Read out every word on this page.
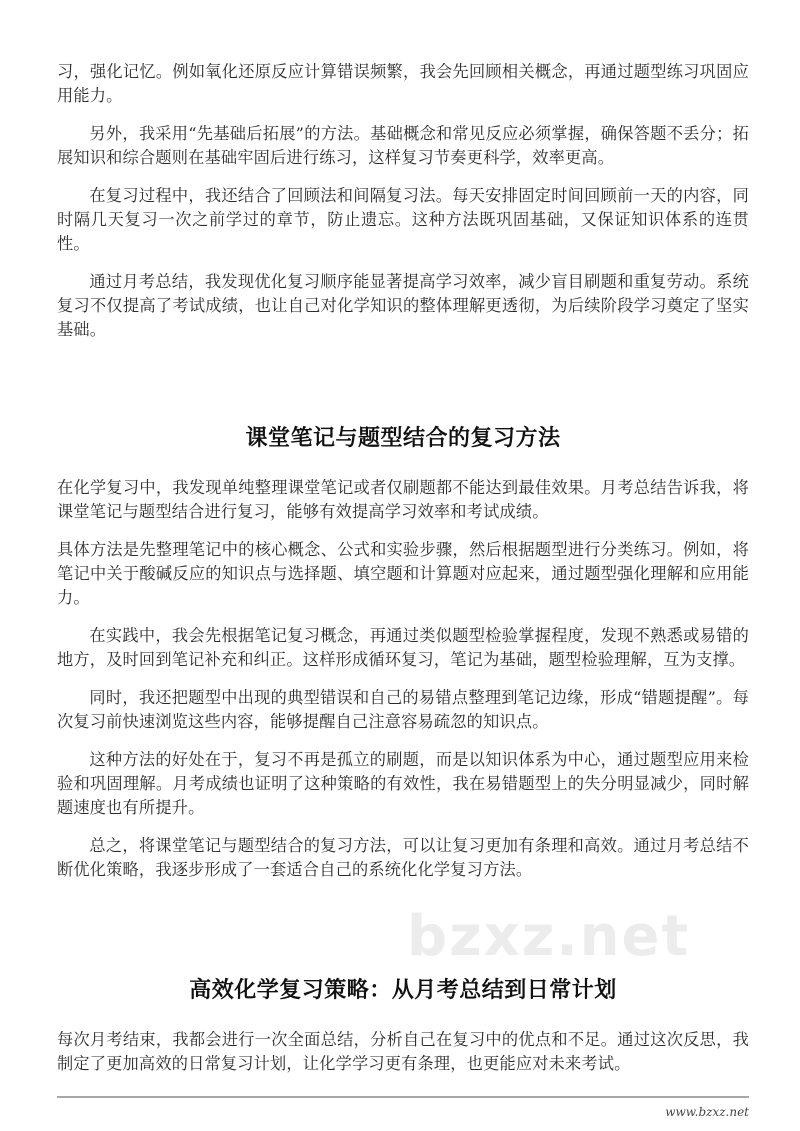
习，强化记忆。例如氧化还原反应计算错误频繁，我会先回顾相关概念，再通过题型练习巩固应用能力。

另外，我采用“先基础后拓展”的方法。基础概念和常见反应必须掌握，确保答题不丢分；拓展知识和综合题则在基础牢固后进行练习，这样复习节奏更科学，效率更高。

在复习过程中，我还结合了回顾法和间隔复习法。每天安排固定时间回顾前一天的内容，同时隔几天复习一次之前学过的章节，防止遗忘。这种方法既巩固基础，又保证知识体系的连贯性。

通过月考总结，我发现优化复习顺序能显著提高学习效率，减少盲目刷题和重复劳动。系统复习不仅提高了考试成绩，也让自己对化学知识的整体理解更透彻，为后续阶段学习奠定了坚实基础。

课堂笔记与题型结合的复习方法

在化学复习中，我发现单纯整理课堂笔记或者仅刷题都不能达到最佳效果。月考总结告诉我，将课堂笔记与题型结合进行复习，能够有效提高学习效率和考试成绩。

具体方法是先整理笔记中的核心概念、公式和实验步骤，然后根据题型进行分类练习。例如，将笔记中关于酸碱反应的知识点与选择题、填空题和计算题对应起来，通过题型强化理解和应用能力。

在实践中，我会先根据笔记复习概念，再通过类似题型检验掌握程度，发现不熟悉或易错的地方，及时回到笔记补充和纠正。这样形成循环复习，笔记为基础，题型检验理解，互为支撑。

同时，我还把题型中出现的典型错误和自己的易错点整理到笔记边缘，形成“错题提醒”。每次复习前快速浏览这些内容，能够提醒自己注意容易疏忽的知识点。

这种方法的好处在于，复习不再是孤立的刷题，而是以知识体系为中心，通过题型应用来检验和巩固理解。月考成绩也证明了这种策略的有效性，我在易错题型上的失分明显减少，同时解题速度也有所提升。

总之，将课堂笔记与题型结合的复习方法，可以让复习更加有条理和高效。通过月考总结不断优化策略，我逐步形成了一套适合自己的系统化化学复习方法。

bzxz.net
高效化学复习策略：从月考总结到日常计划

每次月考结束，我都会进行一次全面总结，分析自己在复习中的优点和不足。通过这次反思，我制定了更加高效的日常复习计划，让化学学习更有条理，也更能应对未来考试。

www.bzxz.net
